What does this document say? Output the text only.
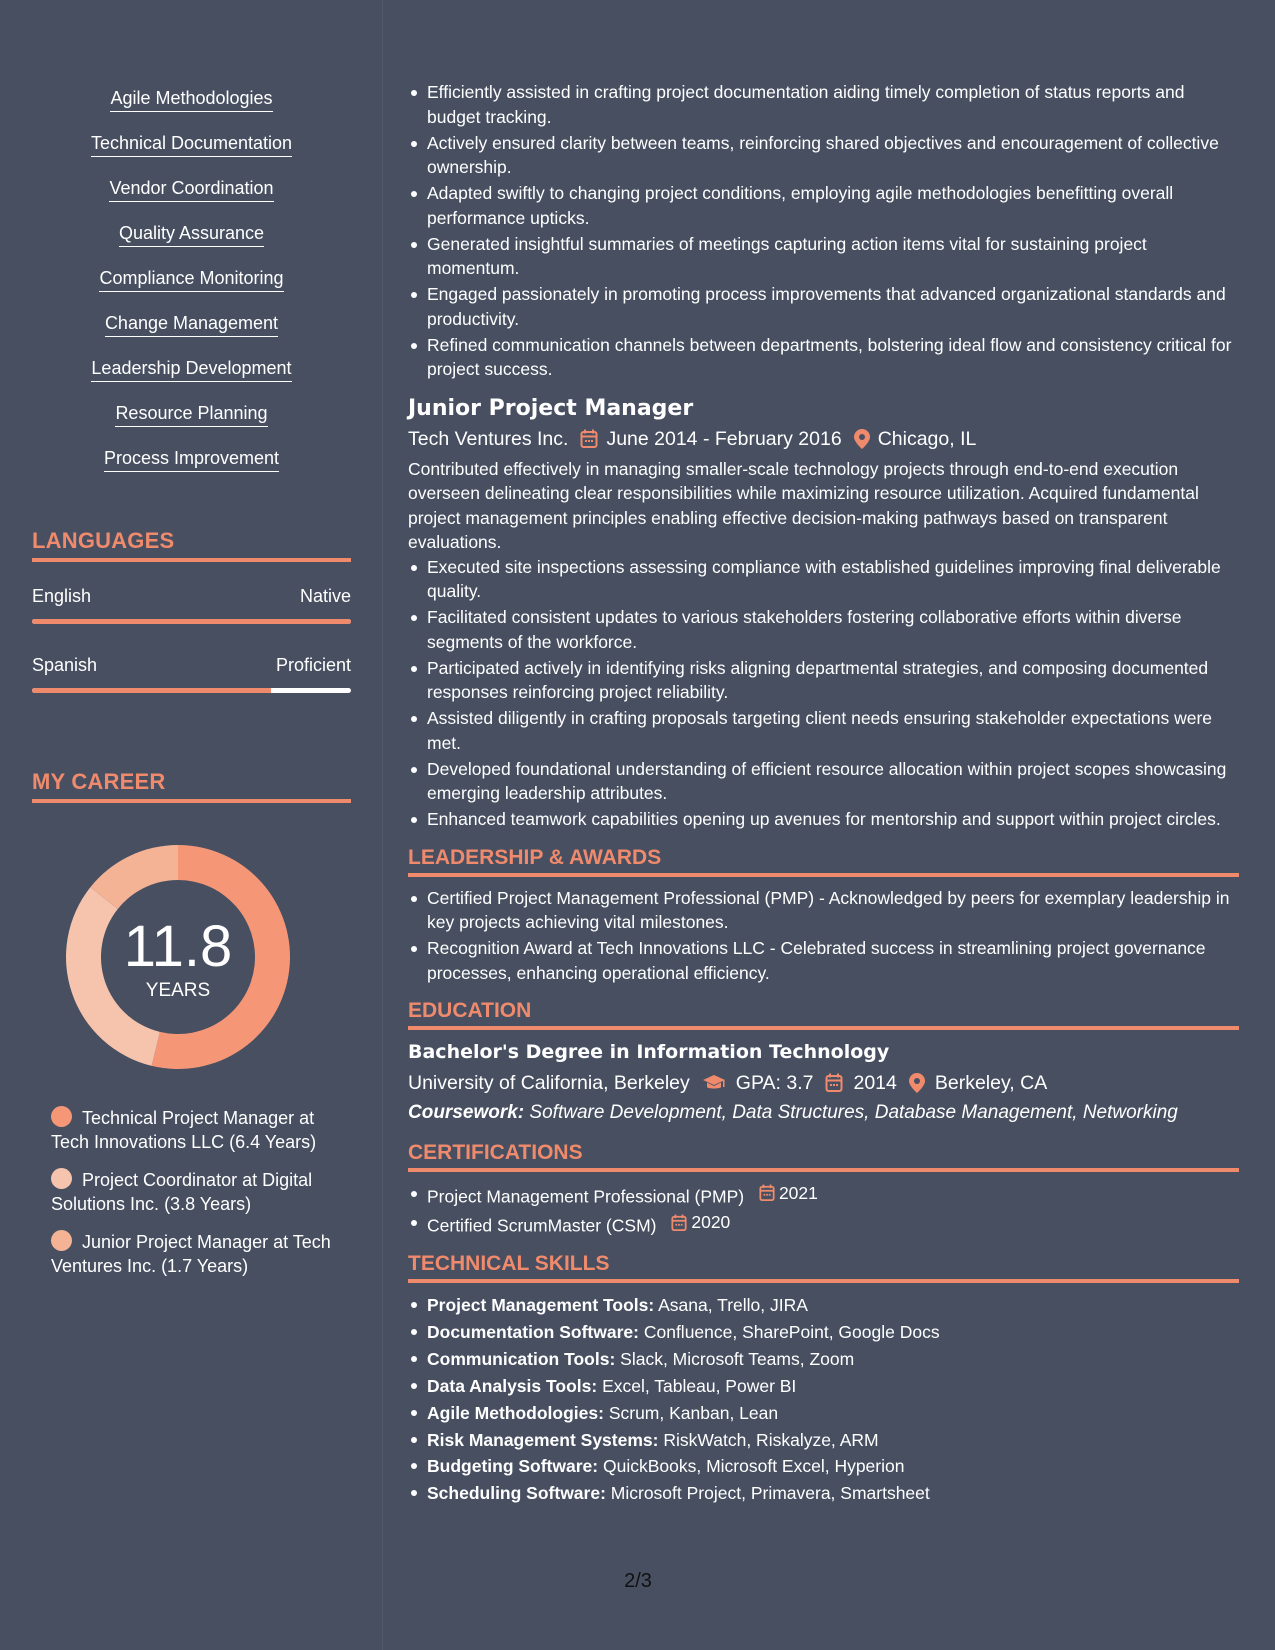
Agile Methodologies
Technical Documentation
Vendor Coordination
Quality Assurance
Compliance Monitoring
Change Management
Leadership Development
Resource Planning
Process Improvement
LANGUAGES
English	Native
Spanish	Proficient
MY CAREER
11.8
YEARS
Technical Project Manager at Tech Innovations LLC (6.4 Years)
Project Coordinator at Digital Solutions Inc. (3.8 Years)
Junior Project Manager at Tech Ventures Inc. (1.7 Years)
Efficiently assisted in crafting project documentation aiding timely completion of status reports and budget tracking.
Actively ensured clarity between teams, reinforcing shared objectives and encouragement of collective ownership.
Adapted swiftly to changing project conditions, employing agile methodologies benefitting overall performance upticks.
Generated insightful summaries of meetings capturing action items vital for sustaining project momentum.
Engaged passionately in promoting process improvements that advanced organizational standards and productivity.
Refined communication channels between departments, bolstering ideal flow and consistency critical for project success.
Junior Project Manager
Tech Ventures Inc. June 2014 - February 2016 Chicago, IL
Contributed effectively in managing smaller-scale technology projects through end-to-end execution overseen delineating clear responsibilities while maximizing resource utilization. Acquired fundamental project management principles enabling effective decision-making pathways based on transparent evaluations.
Executed site inspections assessing compliance with established guidelines improving final deliverable quality.
Facilitated consistent updates to various stakeholders fostering collaborative efforts within diverse segments of the workforce.
Participated actively in identifying risks aligning departmental strategies, and composing documented responses reinforcing project reliability.
Assisted diligently in crafting proposals targeting client needs ensuring stakeholder expectations were met.
Developed foundational understanding of efficient resource allocation within project scopes showcasing emerging leadership attributes.
Enhanced teamwork capabilities opening up avenues for mentorship and support within project circles.
LEADERSHIP & AWARDS
Certified Project Management Professional (PMP) - Acknowledged by peers for exemplary leadership in key projects achieving vital milestones.
Recognition Award at Tech Innovations LLC - Celebrated success in streamlining project governance processes, enhancing operational efficiency.
EDUCATION
Bachelor's Degree in Information Technology
University of California, Berkeley GPA: 3.7 2014 Berkeley, CA
Coursework: Software Development, Data Structures, Database Management, Networking
CERTIFICATIONS
Project Management Professional (PMP) 2021
Certified ScrumMaster (CSM) 2020
TECHNICAL SKILLS
Project Management Tools: Asana, Trello, JIRA
Documentation Software: Confluence, SharePoint, Google Docs
Communication Tools: Slack, Microsoft Teams, Zoom
Data Analysis Tools: Excel, Tableau, Power BI
Agile Methodologies: Scrum, Kanban, Lean
Risk Management Systems: RiskWatch, Riskalyze, ARM
Budgeting Software: QuickBooks, Microsoft Excel, Hyperion
Scheduling Software: Microsoft Project, Primavera, Smartsheet
2/3
